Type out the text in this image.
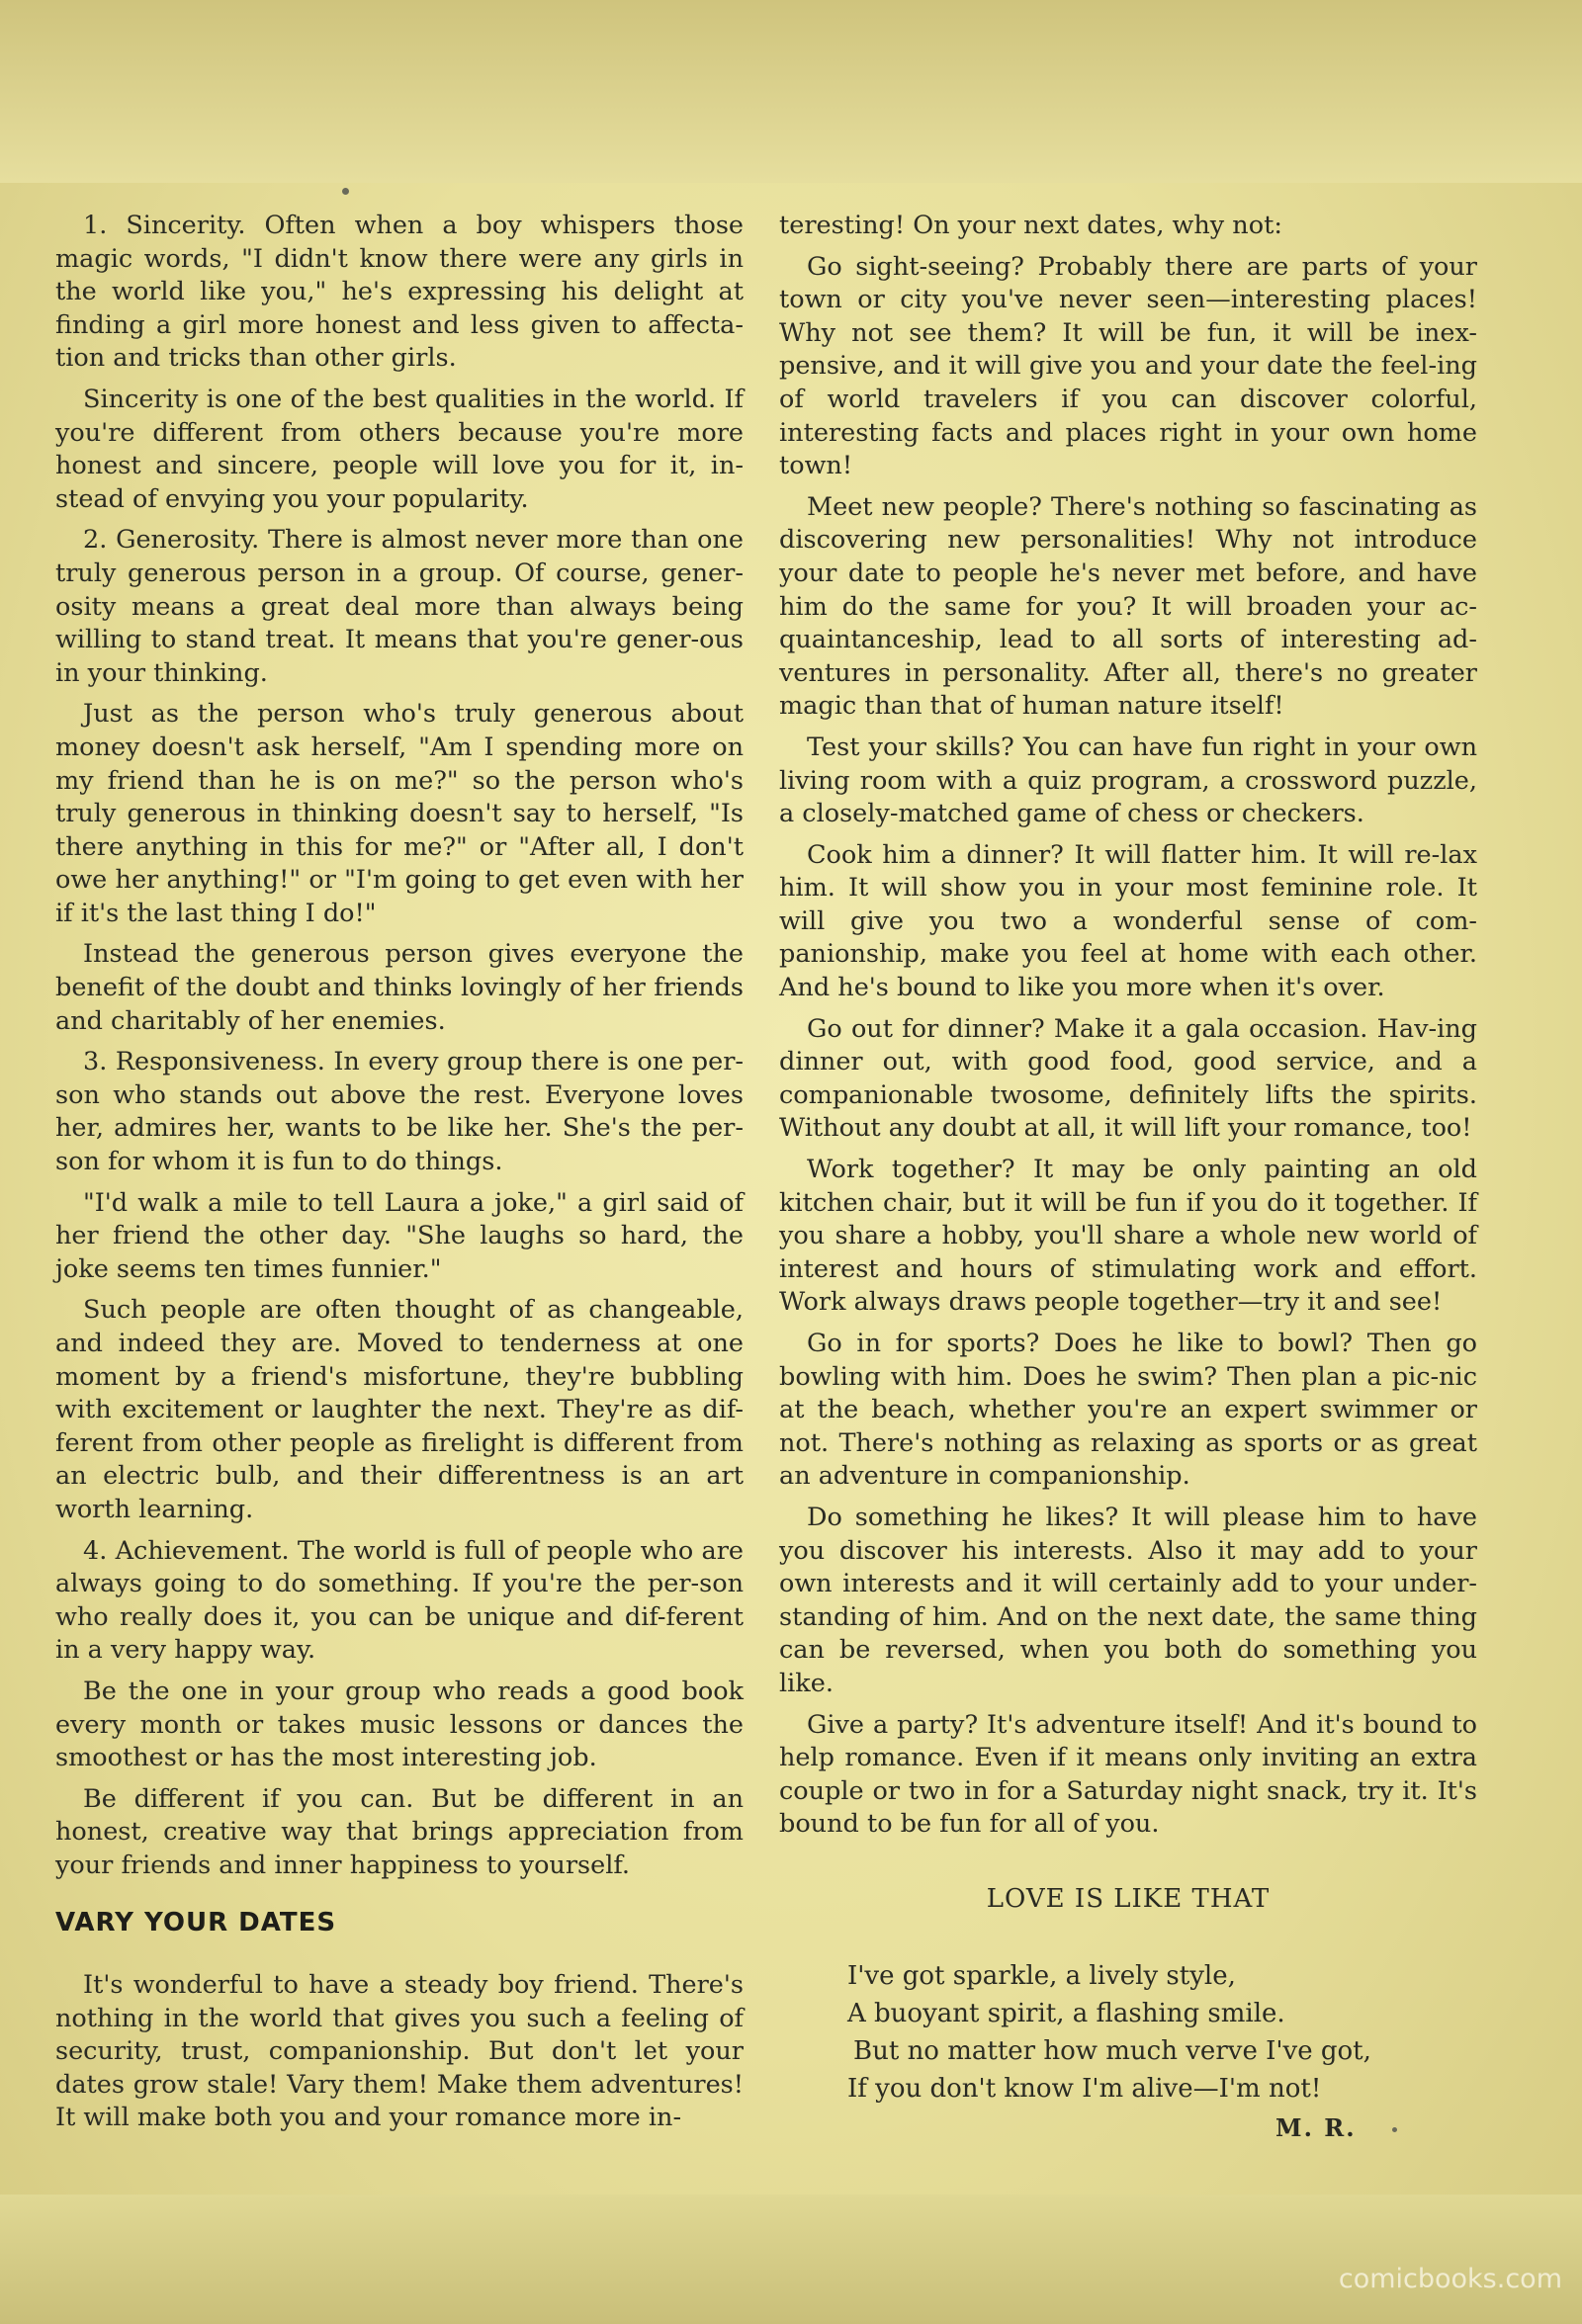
1. Sincerity. Often when a boy whispers those magic words, "I didn't know there were any girls in the world like you," he's expressing his delight at finding a girl more honest and less given to affecta-tion and tricks than other girls.

Sincerity is one of the best qualities in the world. If you're different from others because you're more honest and sincere, people will love you for it, in-stead of envying you your popularity.

2. Generosity. There is almost never more than one truly generous person in a group. Of course, gener-osity means a great deal more than always being willing to stand treat. It means that you're gener-ous in your thinking.

Just as the person who's truly generous about money doesn't ask herself, "Am I spending more on my friend than he is on me?" so the person who's truly generous in thinking doesn't say to herself, "Is there anything in this for me?" or "After all, I don't owe her anything!" or "I'm going to get even with her if it's the last thing I do!"

Instead the generous person gives everyone the benefit of the doubt and thinks lovingly of her friends and charitably of her enemies.

3. Responsiveness. In every group there is one per-son who stands out above the rest. Everyone loves her, admires her, wants to be like her. She's the per-son for whom it is fun to do things.

"I'd walk a mile to tell Laura a joke," a girl said of her friend the other day. "She laughs so hard, the joke seems ten times funnier."

Such people are often thought of as changeable, and indeed they are. Moved to tenderness at one moment by a friend's misfortune, they're bubbling with excitement or laughter the next. They're as dif-ferent from other people as firelight is different from an electric bulb, and their differentness is an art worth learning.

4. Achievement. The world is full of people who are always going to do something. If you're the per-son who really does it, you can be unique and dif-ferent in a very happy way.

Be the one in your group who reads a good book every month or takes music lessons or dances the smoothest or has the most interesting job.

Be different if you can. But be different in an honest, creative way that brings appreciation from your friends and inner happiness to yourself.

VARY YOUR DATES

It's wonderful to have a steady boy friend. There's nothing in the world that gives you such a feeling of security, trust, companionship. But don't let your dates grow stale! Vary them! Make them adventures! It will make both you and your romance more in-

teresting! On your next dates, why not:

Go sight-seeing? Probably there are parts of your town or city you've never seen—interesting places! Why not see them? It will be fun, it will be inex-pensive, and it will give you and your date the feel-ing of world travelers if you can discover colorful, interesting facts and places right in your own home town!

Meet new people? There's nothing so fascinating as discovering new personalities! Why not introduce your date to people he's never met before, and have him do the same for you? It will broaden your ac-quaintanceship, lead to all sorts of interesting ad-ventures in personality. After all, there's no greater magic than that of human nature itself!

Test your skills? You can have fun right in your own living room with a quiz program, a crossword puzzle, a closely-matched game of chess or checkers.

Cook him a dinner? It will flatter him. It will re-lax him. It will show you in your most feminine role. It will give you two a wonderful sense of com-panionship, make you feel at home with each other. And he's bound to like you more when it's over.

Go out for dinner? Make it a gala occasion. Hav-ing dinner out, with good food, good service, and a companionable twosome, definitely lifts the spirits. Without any doubt at all, it will lift your romance, too!

Work together? It may be only painting an old kitchen chair, but it will be fun if you do it together. If you share a hobby, you'll share a whole new world of interest and hours of stimulating work and effort. Work always draws people together—try it and see!

Go in for sports? Does he like to bowl? Then go bowling with him. Does he swim? Then plan a pic-nic at the beach, whether you're an expert swimmer or not. There's nothing as relaxing as sports or as great an adventure in companionship.

Do something he likes? It will please him to have you discover his interests. Also it may add to your own interests and it will certainly add to your under-standing of him. And on the next date, the same thing can be reversed, when you both do something you like.

Give a party? It's adventure itself! And it's bound to help romance. Even if it means only inviting an extra couple or two in for a Saturday night snack, try it. It's bound to be fun for all of you.

LOVE IS LIKE THAT
I've got sparkle, a lively style,
A buoyant spirit, a flashing smile.
But no matter how much verve I've got,
If you don't know I'm alive—I'm not!
M. R.
comicbooks.com
